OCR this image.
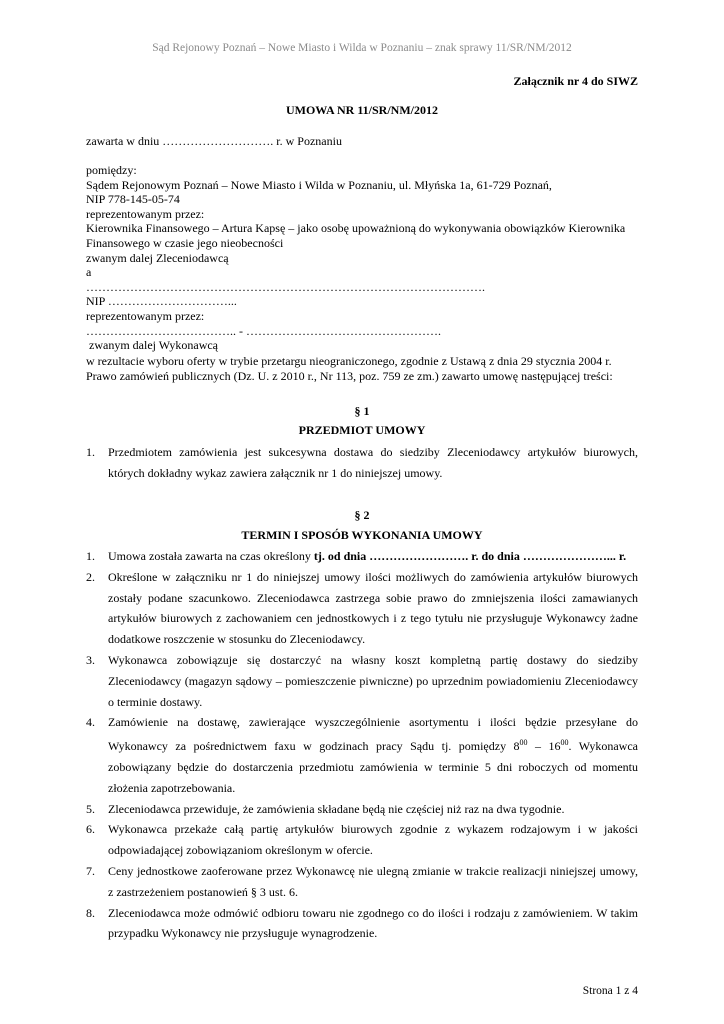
Sąd Rejonowy Poznań – Nowe Miasto i Wilda w Poznaniu – znak sprawy 11/SR/NM/2012
Załącznik nr 4 do SIWZ
UMOWA NR 11/SR/NM/2012

zawarta w dniu ………………………. r. w Poznaniu

pomiędzy:

Sądem Rejonowym Poznań – Nowe Miasto i Wilda w Poznaniu, ul. Młyńska 1a, 61-729 Poznań,

NIP 778-145-05-74

reprezentowanym przez:

Kierownika Finansowego – Artura Kapsę – jako osobę upoważnioną do wykonywania obowiązków Kierownika

Finansowego w czasie jego nieobecności

zwanym dalej Zleceniodawcą

a

……………………………………………………………………………………….

NIP …………………………...

reprezentowanym przez:

……………………………….. - ………………………………………….

zwanym dalej Wykonawcą

w rezultacie wyboru oferty w trybie przetargu nieograniczonego, zgodnie z Ustawą z dnia 29 stycznia 2004 r.

Prawo zamówień publicznych (Dz. U. z 2010 r., Nr 113, poz. 759 ze zm.) zawarto umowę następującej treści:

§ 1
PRZEDMIOT UMOWY
1.	Przedmiotem zamówienia jest sukcesywna dostawa do siedziby Zleceniodawcy artykułów biurowych, których dokładny wykaz zawiera załącznik nr 1 do niniejszej umowy.
§ 2
TERMIN I SPOSÓB WYKONANIA UMOWY
1.	Umowa została zawarta na czas określony tj. od dnia ……………………. r. do dnia …………………... r.
2.	Określone w załączniku nr 1 do niniejszej umowy ilości możliwych do zamówienia artykułów biurowych zostały podane szacunkowo. Zleceniodawca zastrzega sobie prawo do zmniejszenia ilości zamawianych artykułów biurowych z zachowaniem cen jednostkowych i z tego tytułu nie przysługuje Wykonawcy żadne dodatkowe roszczenie w stosunku do Zleceniodawcy.
3.	Wykonawca zobowiązuje się dostarczyć na własny koszt kompletną partię dostawy do siedziby Zleceniodawcy (magazyn sądowy – pomieszczenie piwniczne) po uprzednim powiadomieniu Zleceniodawcy o terminie dostawy.
4.	Zamówienie na dostawę, zawierające wyszczególnienie asortymentu i ilości będzie przesyłane do Wykonawcy za pośrednictwem faxu w godzinach pracy Sądu tj. pomiędzy $8^{00} - 16^{00}$. Wykonawca zobowiązany będzie do dostarczenia przedmiotu zamówienia w terminie 5 dni roboczych od momentu złożenia zapotrzebowania.
5.	Zleceniodawca przewiduje, że zamówienia składane będą nie częściej niż raz na dwa tygodnie.
6.	Wykonawca przekaże całą partię artykułów biurowych zgodnie z wykazem rodzajowym i w jakości odpowiadającej zobowiązaniom określonym w ofercie.
7.	Ceny jednostkowe zaoferowane przez Wykonawcę nie ulegną zmianie w trakcie realizacji niniejszej umowy, z zastrzeżeniem postanowień § 3 ust. 6.
8.	Zleceniodawca może odmówić odbioru towaru nie zgodnego co do ilości i rodzaju z zamówieniem. W takim przypadku Wykonawcy nie przysługuje wynagrodzenie.
Strona 1 z 4
